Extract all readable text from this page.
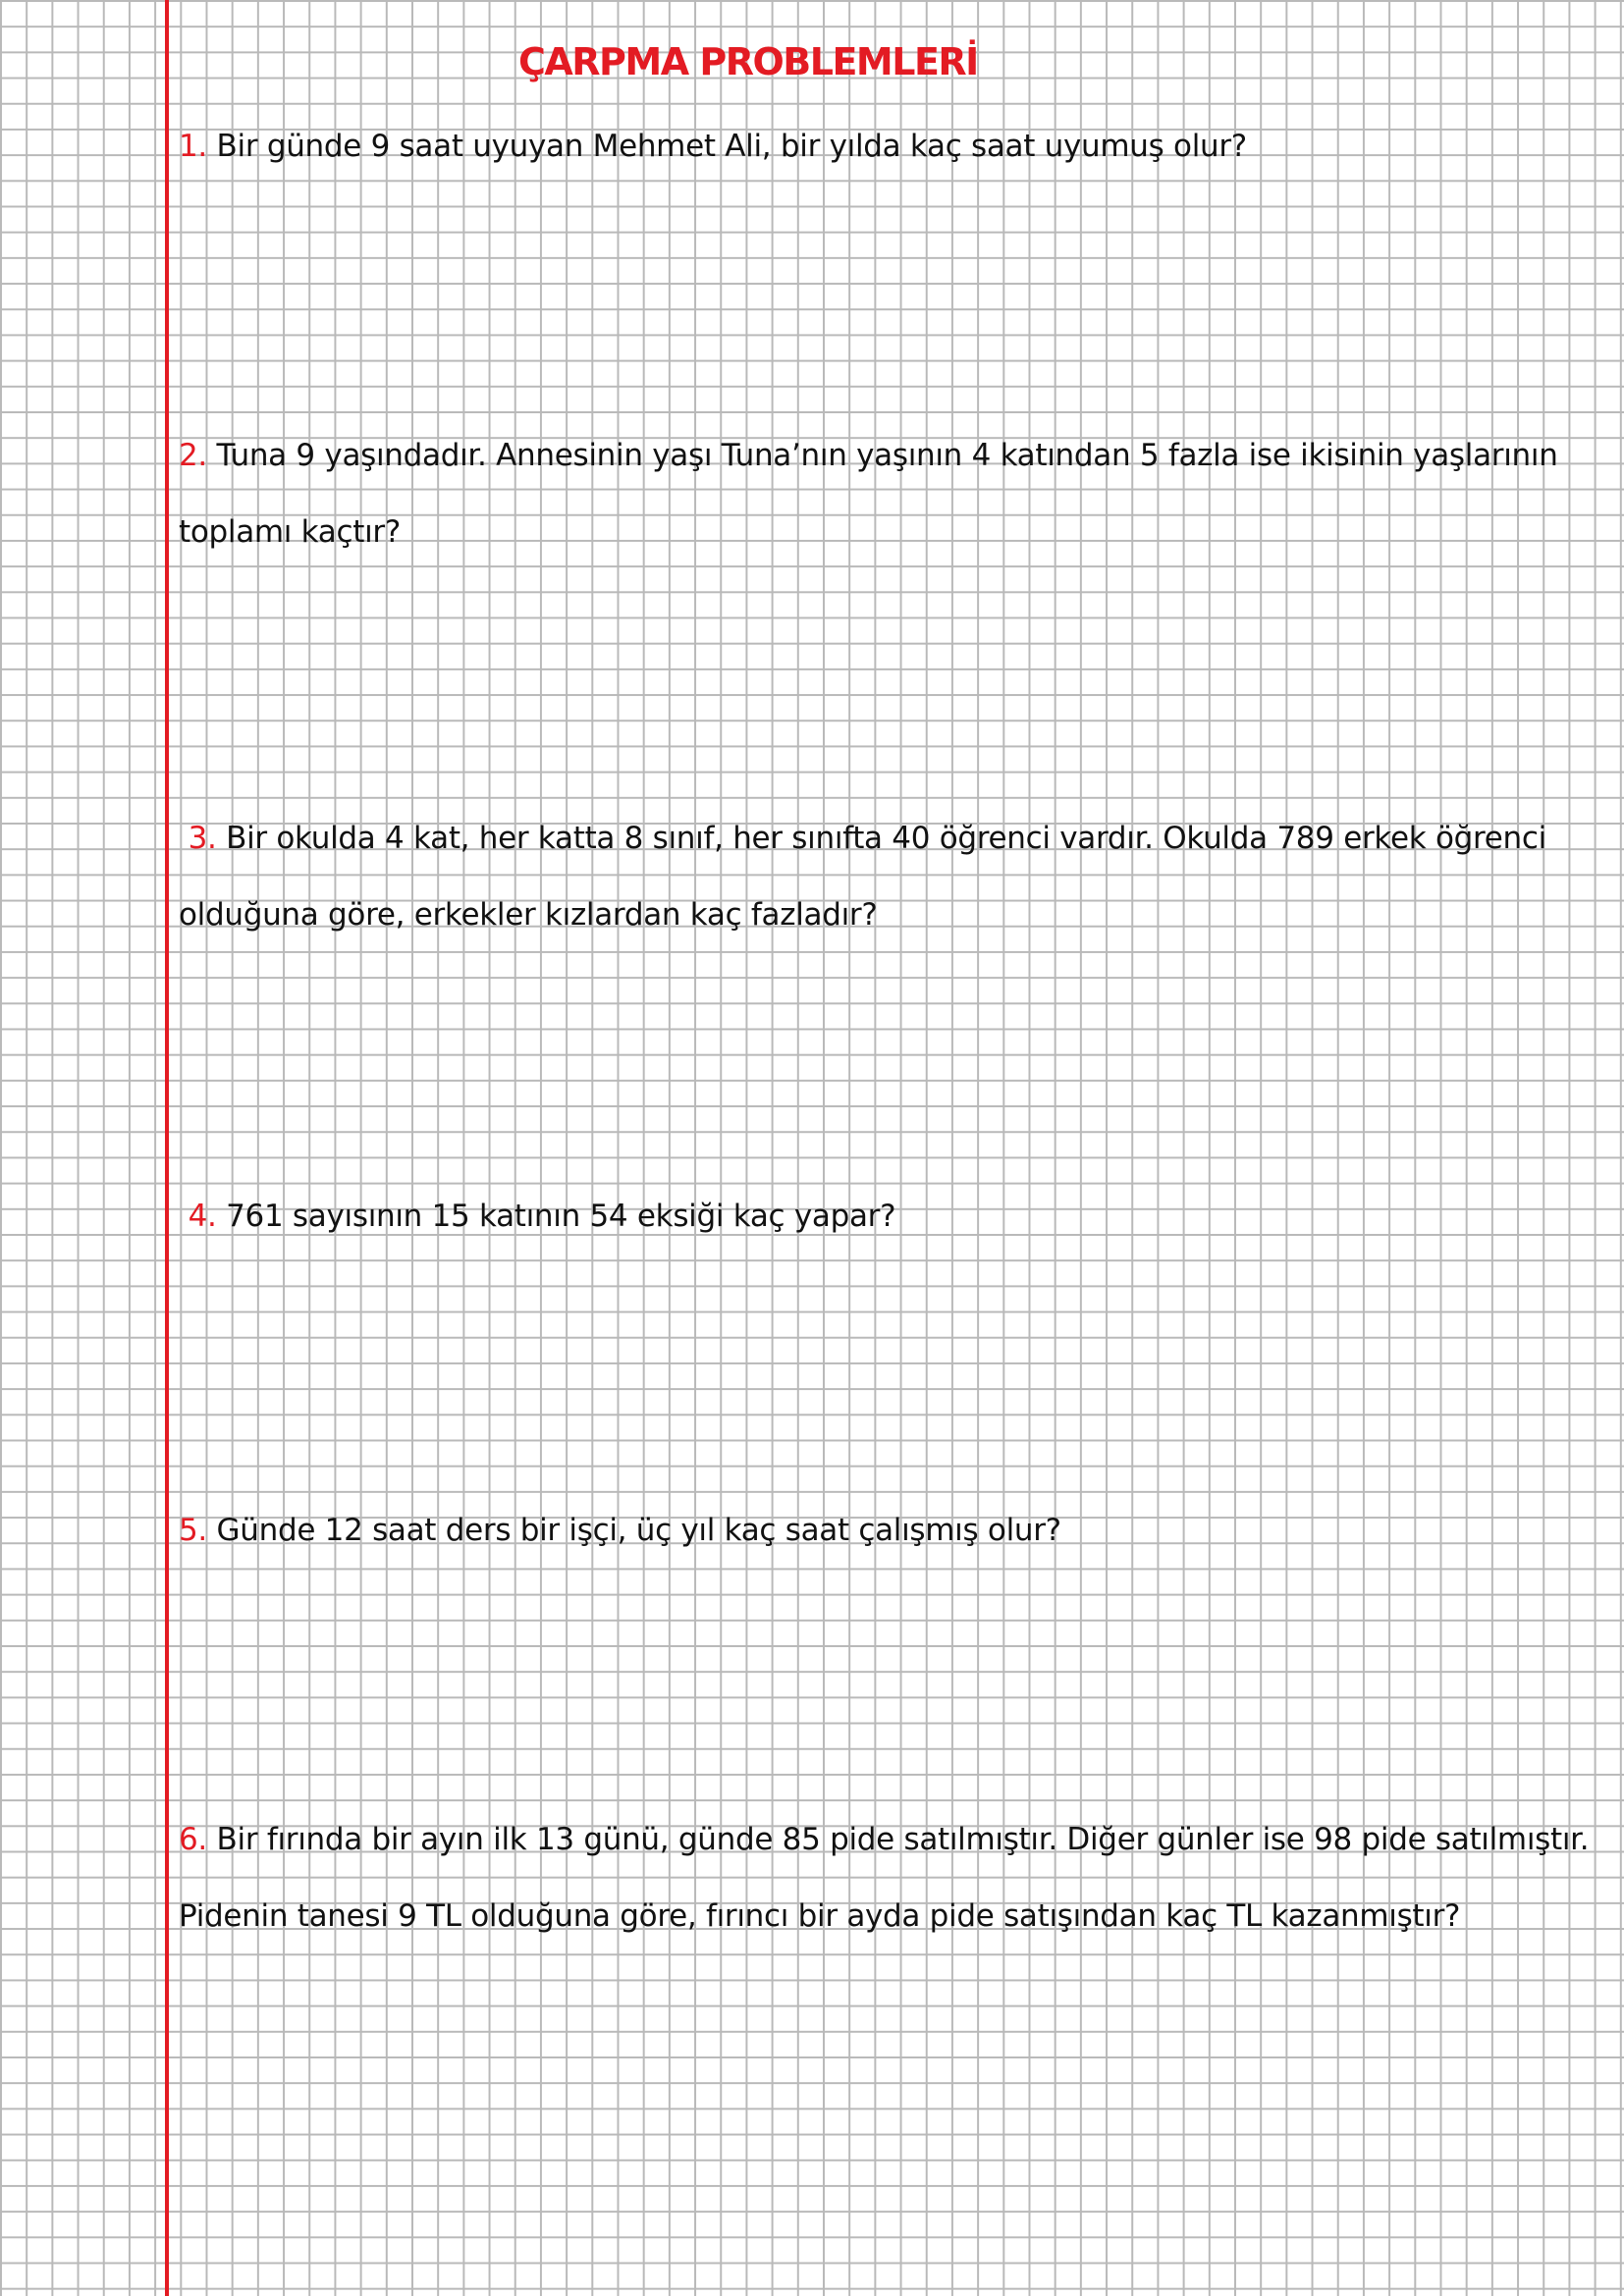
ÇARPMA PROBLEMLERİ
1. Bir günde 9 saat uyuyan Mehmet Ali, bir yılda kaç saat uyumuş olur?
2. Tuna 9 yaşındadır. Annesinin yaşı Tuna’nın yaşının 4 katından 5 fazla ise ikisinin yaşlarının
toplamı kaçtır?
3. Bir okulda 4 kat, her katta 8 sınıf, her sınıfta 40 öğrenci vardır. Okulda 789 erkek öğrenci
olduğuna göre, erkekler kızlardan kaç fazladır?
4. 761 sayısının 15 katının 54 eksiği kaç yapar?
5. Günde 12 saat ders bir işçi, üç yıl kaç saat çalışmış olur?
6. Bir fırında bir ayın ilk 13 günü, günde 85 pide satılmıştır. Diğer günler ise 98 pide satılmıştır.
Pidenin tanesi 9 TL olduğuna göre, fırıncı bir ayda pide satışından kaç TL kazanmıştır?
